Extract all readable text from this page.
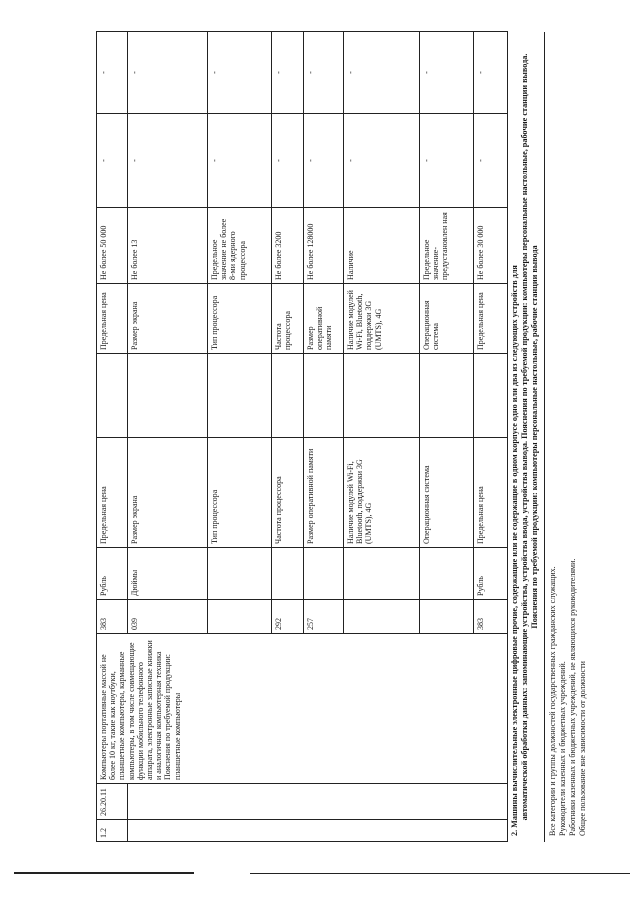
1.2	26.20.11	Компьютеры портативные массой не более 10 кг, такие как ноутбуки, планшетные компьютеры, карманные компьютеры, в том числе совмещающие функции мобильного телефонного аппарата, электронные записные книжки и аналогичная компьютерная техника Пояснения по требуемой продукции: планшетные компьютеры	383	Рубль	Предельная цена		Предельная цена	Не более 50 000	-	-
			039	Дюймы	Размер экрана		Размер экрана	Не более 13	-	-
					Тип процессора		Тип процессора	Предельное значение не более 8-ми ядерного процессора	-	-
			292		Частота процессора		Частота процессора	Не более 3200	-	-
			257		Размер оперативной памяти		Размер оперативной памяти	Не более 128000	-	-
					Наличие модулей Wi-Fi, Bluetooth, поддержки 3G (UMTS), 4G		Наличие модулей Wi-Fi, Bluetooth, поддержки 3G (UMTS), 4G	Наличие	-	-
					Операционная система		Операционная система	Предельное значение-предустановлен ная	-	-
			383	Рубль	Предельная цена		Предельная цена	Не более 30 000	-	-
2. Машины вычислительные электронные цифровые прочие, содержащие или не содержащие в одном корпусе одно или два из следующих устройств для автоматической обработки данных: запоминающие устройства, устройства ввода, устройства вывода. Пояснения по требуемой продукции: компьютеры персональные настольные, рабочие станции вывода. Пояснения по требуемой продукции: компьютеры персональные настольные, рабочие станции вывода
Все категории и группы должностей государственных гражданских служащих. Руководители казенных и бюджетных учреждений. Работники казенных и бюджетных учреждений, не являющихся руководителями. Общее пользование вне зависимости от должности
